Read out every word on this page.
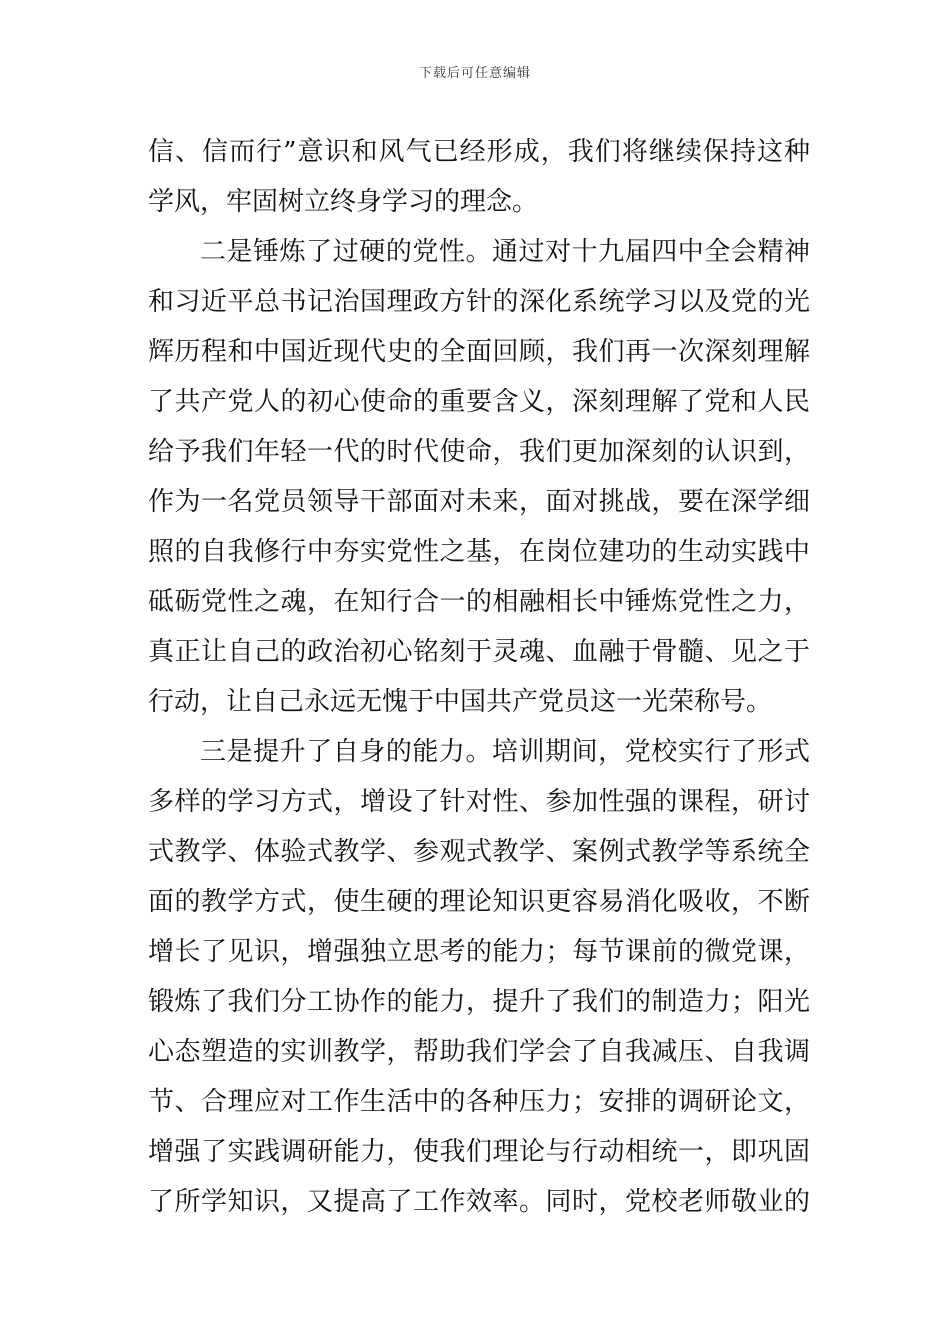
下载后可任意编辑
信、信而行”意识和风气已经形成，我们将继续保持这种
学风，牢固树立终身学习的理念。
二是锤炼了过硬的党性。通过对十九届四中全会精神
和习近平总书记治国理政方针的深化系统学习以及党的光
辉历程和中国近现代史的全面回顾，我们再一次深刻理解
了共产党人的初心使命的重要含义，深刻理解了党和人民
给予我们年轻一代的时代使命，我们更加深刻的认识到，
作为一名党员领导干部面对未来，面对挑战，要在深学细
照的自我修行中夯实党性之基，在岗位建功的生动实践中
砥砺党性之魂，在知行合一的相融相长中锤炼党性之力，
真正让自己的政治初心铭刻于灵魂、血融于骨髓、见之于
行动，让自己永远无愧于中国共产党员这一光荣称号。
三是提升了自身的能力。培训期间，党校实行了形式
多样的学习方式，增设了针对性、参加性强的课程，研讨
式教学、体验式教学、参观式教学、案例式教学等系统全
面的教学方式，使生硬的理论知识更容易消化吸收，不断
增长了见识，增强独立思考的能力；每节课前的微党课，
锻炼了我们分工协作的能力，提升了我们的制造力；阳光
心态塑造的实训教学，帮助我们学会了自我减压、自我调
节、合理应对工作生活中的各种压力；安排的调研论文，
增强了实践调研能力，使我们理论与行动相统一，即巩固
了所学知识，又提高了工作效率。同时，党校老师敬业的
